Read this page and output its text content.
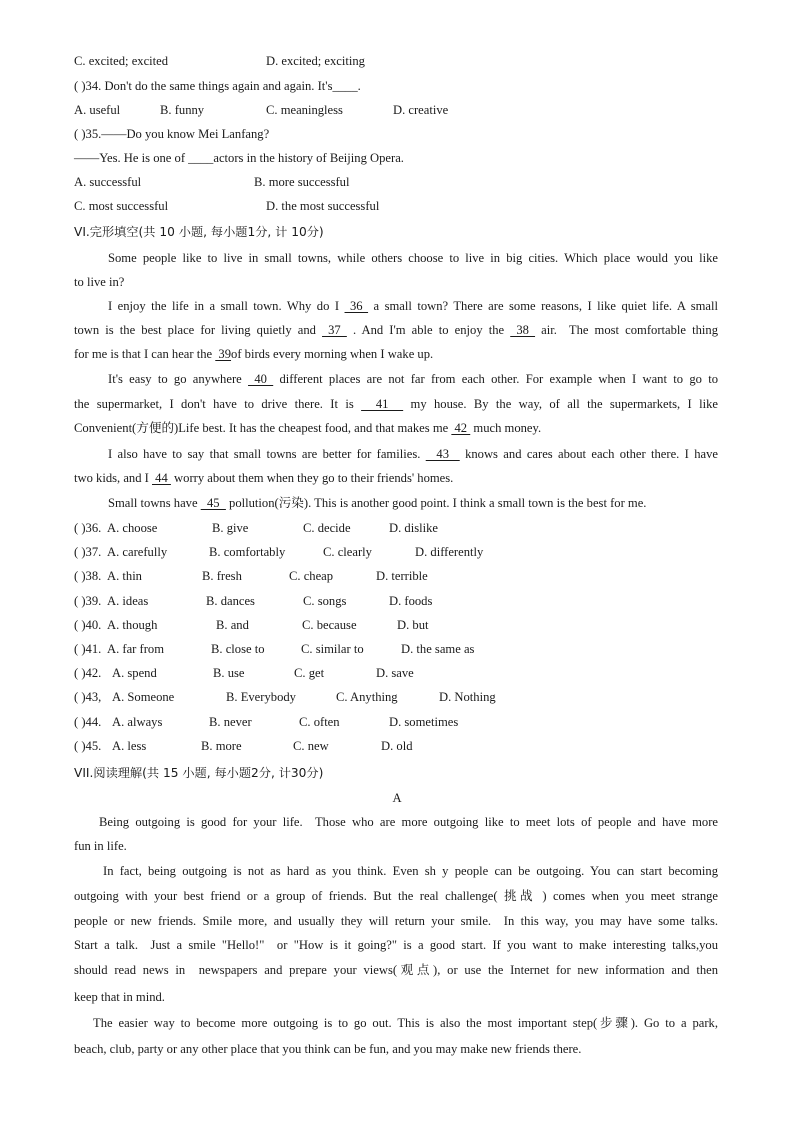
C. excited; excited	D. excited; exciting
( )34. Don't do the same things again and again. It's____.
A. useful	B. funny	C. meaningless	D. creative
( )35.——Do you know Mei Lanfang?
——Yes. He is one of ____actors in the history of Beijing Opera.
A. successful	B. more successful
C. most successful	D. the most successful
VI.完形填空(共 10 小题, 每小题1分, 计 10分)
Some people like to live in small towns, while others choose to live in big cities. Which place would you like
to live in?
I enjoy the life in a small town. Why do I  36  a small town? There are some reasons, I like quiet life. A small
town is the best place for living quietly and  37  . And I'm able to enjoy the  38  air.  The most comfortable thing
for me is that I can hear the  39of birds every morning when I wake up.
It's easy to go anywhere  40  different places are not far from each other. For example when I want to go to
the supermarket, I don't have to drive there. It is   41   my house. By the way, of all the supermarkets, I like
Convenient(方便的)Life best. It has the cheapest food, and that makes me  42  much money.
I also have to say that small towns are better for families.   43   knows and cares about each other there. I have
two kids, and I  44  worry about them when they go to their friends' homes.
Small towns have   45   pollution(污染). This is another good point. I think a small town is the best for me.
( )36. A. choose	B. give	C. decide	D. dislike
( )37. A. carefully	B. comfortably	C. clearly	D. differently
( )38. A. thin	B. fresh	C. cheap	D. terrible
( )39. A. ideas	B. dances	C. songs	D. foods
( )40. A. though	B. and	C. because	D. but
( )41. A. far from	B. close to	C. similar to	D. the same as
( )42. A. spend	B. use	C. get	D. save
( )43, A. Someone	B. Everybody	C. Anything	D. Nothing
( )44. A. always	B. never	C. often	D. sometimes
( )45. A. less	B. more	C. new	D. old
VII.阅读理解(共 15 小题, 每小题2分, 计30分)
A
Being outgoing is good for your life.  Those who are more outgoing like to meet lots of people and have more
fun in life.
In fact, being outgoing is not as hard as you think. Even sh y people can be outgoing. You can start becoming
outgoing with your best friend or a group of friends. But the real challenge( 挑战 ) comes when you meet strange
people or new friends. Smile more, and usually they will return your smile.  In this way, you may have some talks.
Start a talk.  Just a smile "Hello!"  or "How is it going?" is a good start. If you want to make interesting talks,you
should read news in  newspapers and prepare your views(观点), or use the Internet for new information and then
keep that in mind.
The easier way to become more outgoing is to go out. This is also the most important step(步骤). Go to a park,
beach, club, party or any other place that you think can be fun, and you may make new friends there.
